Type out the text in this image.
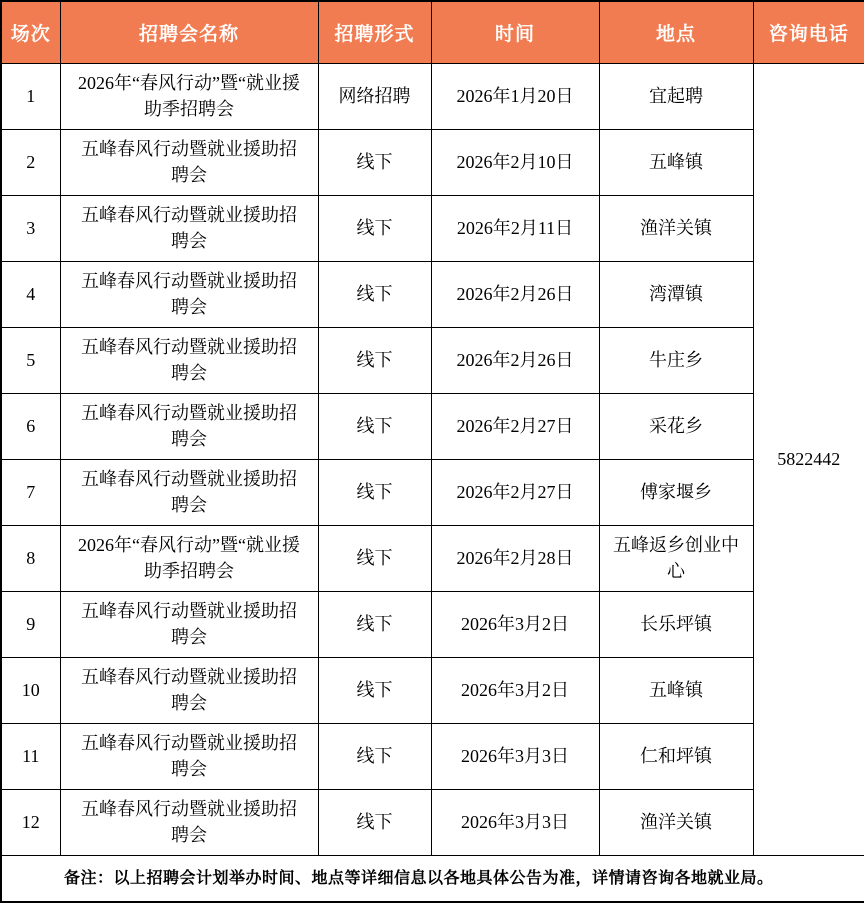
场次	招聘会名称	招聘形式	时间	地点	咨询电话
1	2026年“春风行动”暨“就业援助季招聘会	网络招聘	2026年1月20日	宜起聘	5822442
2	五峰春风行动暨就业援助招聘会	线下	2026年2月10日	五峰镇	
3	五峰春风行动暨就业援助招聘会	线下	2026年2月11日	渔洋关镇	
4	五峰春风行动暨就业援助招聘会	线下	2026年2月26日	湾潭镇	
5	五峰春风行动暨就业援助招聘会	线下	2026年2月26日	牛庄乡	
6	五峰春风行动暨就业援助招聘会	线下	2026年2月27日	采花乡	
7	五峰春风行动暨就业援助招聘会	线下	2026年2月27日	傅家堰乡	
8	2026年“春风行动”暨“就业援助季招聘会	线下	2026年2月28日	五峰返乡创业中心	
9	五峰春风行动暨就业援助招聘会	线下	2026年3月2日	长乐坪镇	
10	五峰春风行动暨就业援助招聘会	线下	2026年3月2日	五峰镇	
11	五峰春风行动暨就业援助招聘会	线下	2026年3月3日	仁和坪镇	
12	五峰春风行动暨就业援助招聘会	线下	2026年3月3日	渔洋关镇	
备注：以上招聘会计划举办时间、地点等详细信息以各地具体公告为准，详情请咨询各地就业局。					
